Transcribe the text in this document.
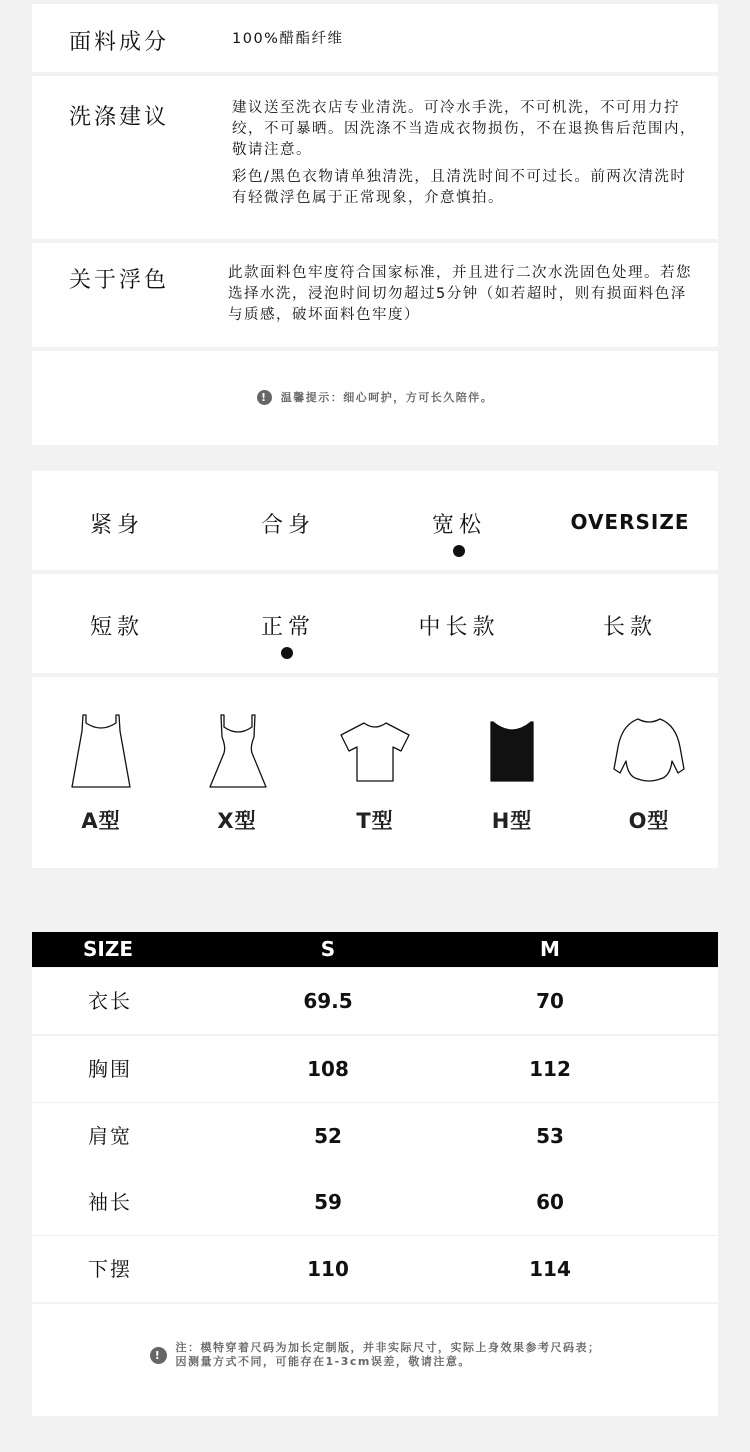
面料成分	100%醋酯纤维
洗涤建议	建议送至洗衣店专业清洗。可冷水手洗，不可机洗，不可用力拧绞，不可暴晒。因洗涤不当造成衣物损伤，不在退换售后范围内，敬请注意。

彩色/黑色衣物请单独清洗，且清洗时间不可过长。前两次清洗时有轻微浮色属于正常现象，介意慎拍。

关于浮色	此款面料色牢度符合国家标准，并且进行二次水洗固色处理。若您选择水洗，浸泡时间切勿超过5分钟（如若超时，则有损面料色泽与质感，破坏面料色牢度）
!	温馨提示：细心呵护，方可长久陪伴。
紧身	合身	宽松	OVERSIZE
短款	正常	中长款	长款
A型	X型	T型	H型	O型
SIZE	S	M
衣长	69.5	70
胸围	108	112
肩宽	52	53
袖长	59	60
下摆	110	114
!
注：模特穿着尺码为加长定制版，并非实际尺寸，实际上身效果参考尺码表；
因测量方式不同，可能存在1-3cm误差，敬请注意。
